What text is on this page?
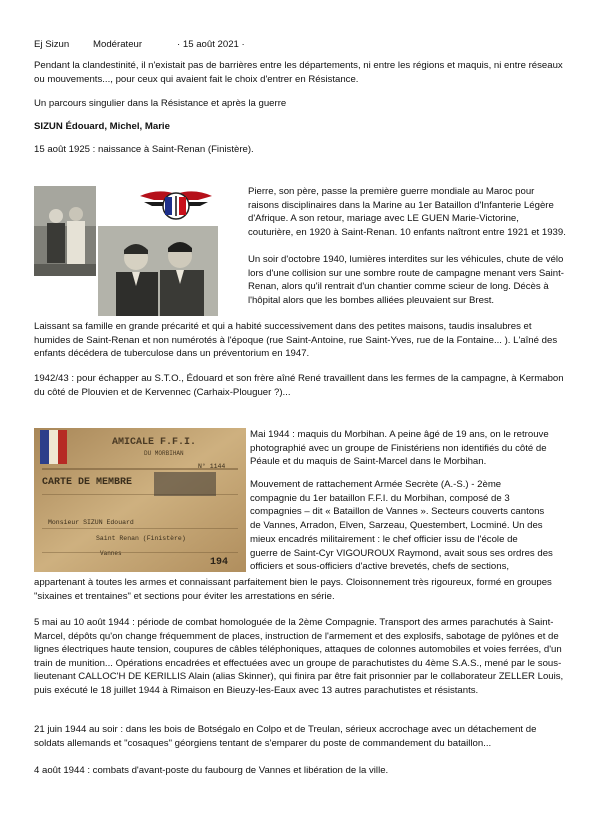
Ej Sizun Modérateur	· 15 août 2021 ·

Pendant la clandestinité, il n'existait pas de barrières entre les départements, ni entre les régions et maquis, ni entre réseaux ou mouvements..., pour ceux qui avaient fait le choix d'entrer en Résistance.

Un parcours singulier dans la Résistance et après la guerre

SIZUN Édouard, Michel, Marie

15 août 1925 : naissance à Saint-Renan (Finistère).

Pierre, son père, passe la première guerre mondiale au Maroc pour raisons disciplinaires dans la Marine au 1er Bataillon d'Infanterie Légère d'Afrique. A son retour, mariage avec LE GUEN Marie-Victorine, couturière, en 1920 à Saint-Renan. 10 enfants naîtront entre 1921 et 1939.

Un soir d'octobre 1940, lumières interdites sur les véhicules, chute de vélo lors d'une collision sur une sombre route de campagne menant vers Saint-Renan, alors qu'il rentrait d'un chantier comme scieur de long. Décès à l'hôpital alors que les bombes alliées pleuvaient sur Brest.

Laissant sa famille en grande précarité et qui a habité successivement dans des petites maisons, taudis insalubres et humides de Saint-Renan et non numérotés à l'époque (rue Saint-Antoine, rue Saint-Yves, rue de la Fontaine... ). L'aîné des enfants décédera de tuberculose dans un préventorium en 1947.

1942/43 : pour échapper au S.T.O., Édouard et son frère aîné René travaillent dans les fermes de la campagne, à Kermabon du côté de Plouvien et de Kervennec (Carhaix-Plouguer ?)...

AMICALE F.F.I.
DU MORBIHAN
N° 1144
CARTE DE MEMBRE
Monsieur SIZUN Edouard
Saint Renan (Finistère)
Vannes
194

Mai 1944 : maquis du Morbihan. A peine âgé de 19 ans, on le retrouve photographié avec un groupe de Finistériens non identifiés du côté de Péaule et du maquis de Saint-Marcel dans le Morbihan.

Mouvement de rattachement Armée Secrète (A.-S.) - 2ème
compagnie du 1er bataillon F.F.I. du Morbihan, composé de 3
compagnies – dit « Bataillon de Vannes ». Secteurs couverts cantons
de Vannes, Arradon, Elven, Sarzeau, Questembert, Locminé. Un des
mieux encadrés militairement : le chef officier issu de l'école de
guerre de Saint-Cyr VIGOUROUX Raymond, avait sous ses ordres des
officiers et sous-officiers d'active brevetés, chefs de sections,

appartenant à toutes les armes et connaissant parfaitement bien le pays. Cloisonnement très rigoureux, formé en groupes "sixaines et trentaines" et sections pour éviter les arrestations en série.

5 mai au 10 août 1944 : période de combat homologuée de la 2ème Compagnie. Transport des armes parachutés à Saint-Marcel, dépôts qu'on change fréquemment de places, instruction de l'armement et des explosifs, sabotage de pylônes et de lignes électriques haute tension, coupures de câbles téléphoniques, attaques de colonnes automobiles et voies ferrées, d'un train de munition... Opérations encadrées et effectuées avec un groupe de parachutistes du 4ème S.A.S., mené par le sous-lieutenant CALLOC'H DE KERILLIS Alain (alias Skinner), qui finira par être fait prisonnier par le collaborateur ZELLER Louis, puis exécuté le 18 juillet 1944 à Rimaison en Bieuzy-les-Eaux avec 13 autres parachutistes et résistants.

21 juin 1944 au soir : dans les bois de Botségalo en Colpo et de Treulan, sérieux accrochage avec un détachement de soldats allemands et "cosaques" géorgiens tentant de s'emparer du poste de commandement du bataillon...

4 août 1944 : combats d'avant-poste du faubourg de Vannes et libération de la ville.
